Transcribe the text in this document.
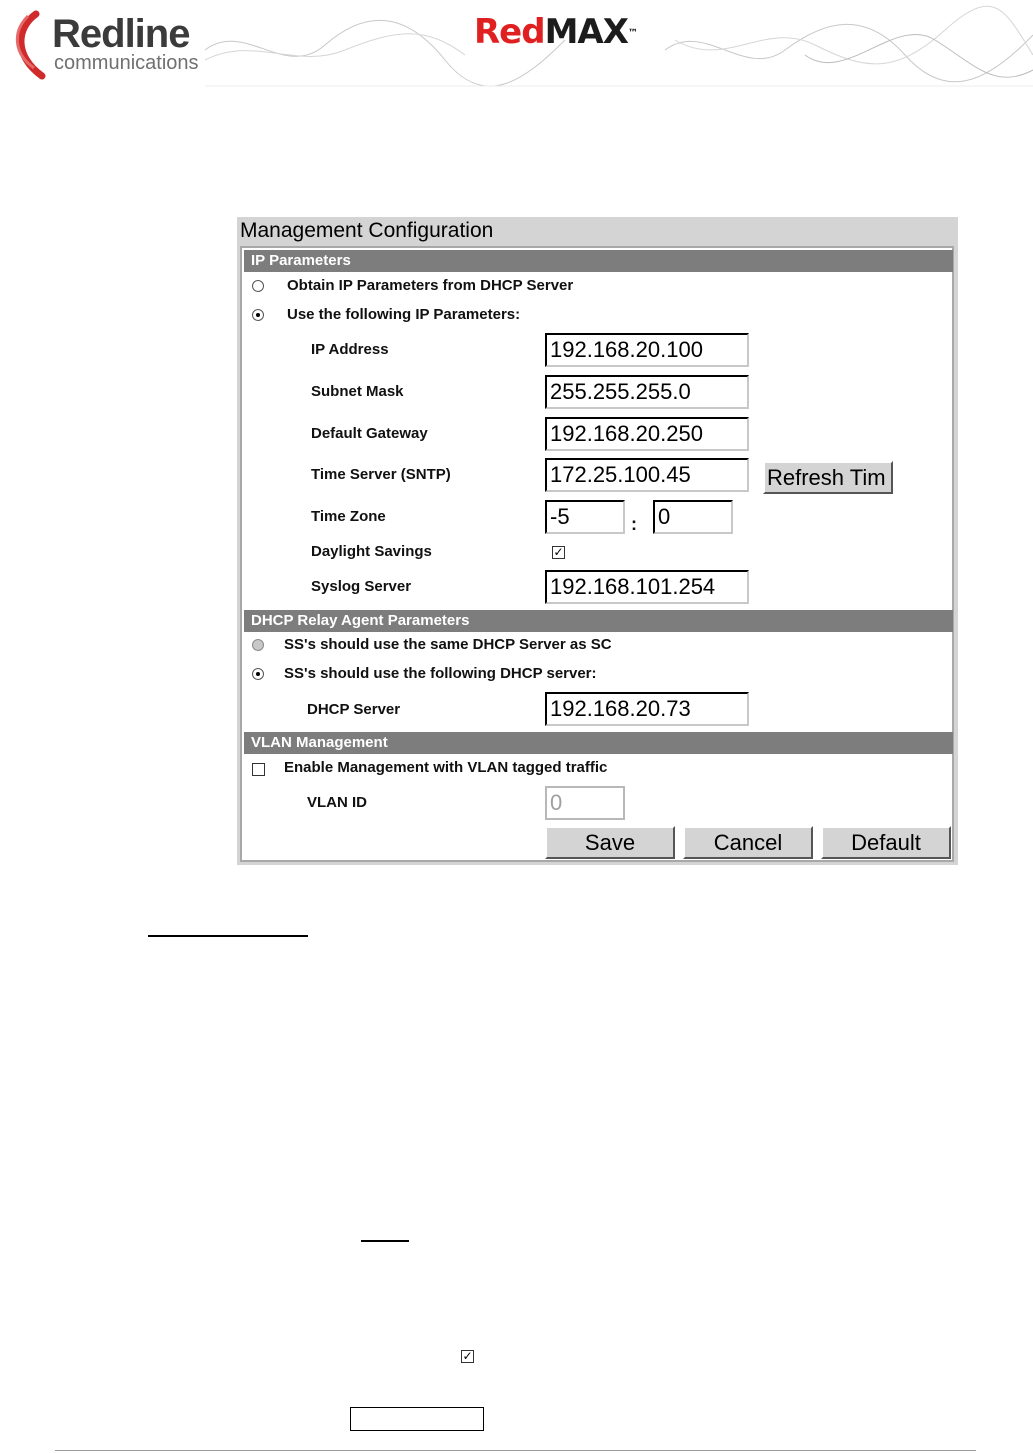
Redline
communications
RedMAX™
Management Configuration
IP Parameters
Obtain IP Parameters from DHCP Server
Use the following IP Parameters:
IP Address	192.168.20.100
Subnet Mask	255.255.255.0
Default Gateway	192.168.20.250
Time Server (SNTP)	172.25.100.45	Refresh Tim
Time Zone	-5	: 0
Daylight Savings	✓
Syslog Server	192.168.101.254
DHCP Relay Agent Parameters
SS's should use the same DHCP Server as SC
SS's should use the following DHCP server:
DHCP Server	192.168.20.73
VLAN Management
Enable Management with VLAN tagged traffic
VLAN ID	0
Save	Cancel	Default
✓
